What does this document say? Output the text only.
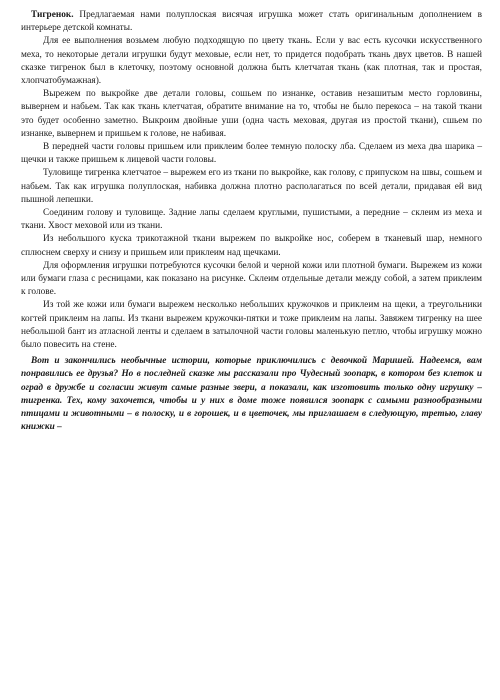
Тигренок. Предлагаемая нами полуплоская висячая игрушка может стать оригинальным дополнением в интерьере детской комнаты.

Для ее выполнения возьмем любую подходящую по цвету ткань. Если у вас есть кусочки искусственного меха, то некоторые детали игрушки будут меховые, если нет, то придется подобрать ткань двух цветов. В нашей сказке тигренок был в клеточку, поэтому основной должна быть клетчатая ткань (как плотная, так и простая, хлопчатобумажная).

Вырежем по выкройке две детали головы, сошьем по изнанке, оставив незашитым место горловины, вывернем и набьем. Так как ткань клетчатая, обратите внимание на то, чтобы не было перекоса – на такой ткани это будет особенно заметно. Выкроим двойные уши (одна часть меховая, другая из простой ткани), сшьем по изнанке, вывернем и пришьем к голове, не набивая.

В передней части головы пришьем или приклеим более темную полоску лба. Сделаем из меха два шарика – щечки и также пришьем к лицевой части головы.

Туловище тигренка клетчатое – вырежем его из ткани по выкройке, как голову, с припуском на швы, сошьем и набьем. Так как игрушка полуплоская, набивка должна плотно располагаться по всей детали, придавая ей вид пышной лепешки.

Соединим голову и туловище. Задние лапы сделаем круглыми, пушистыми, а передние – склеим из меха и ткани. Хвост меховой или из ткани.

Из небольшого куска трикотажной ткани вырежем по выкройке нос, соберем в тканевый шар, немного сплюснем сверху и снизу и пришьем или приклеим над щечками.

Для оформления игрушки потребуются кусочки белой и черной кожи или плотной бумаги. Вырежем из кожи или бумаги глаза с ресницами, как показано на рисунке. Склеим отдельные детали между собой, а затем приклеим к голове.

Из той же кожи или бумаги вырежем несколько небольших кружочков и приклеим на щеки, а треугольники когтей приклеим на лапы. Из ткани вырежем кружочки-пятки и тоже приклеим на лапы. Завяжем тигренку на шее небольшой бант из атласной ленты и сделаем в затылочной части головы маленькую петлю, чтобы игрушку можно было повесить на стене.

Вот и закончились необычные истории, которые приключились с девочкой Маришей. Надеемся, вам понравились ее друзья? Но в последней сказке мы рассказали про Чудесный зоопарк, в котором без клеток и оград в дружбе и согласии живут самые разные звери, а показали, как изготовить только одну игрушку – тигренка. Тех, кому захочется, чтобы и у них в доме тоже появился зоопарк с самыми разнообразными птицами и животными – в полоску, и в горошек, и в цветочек, мы приглашаем в следующую, третью, главу книжки –
